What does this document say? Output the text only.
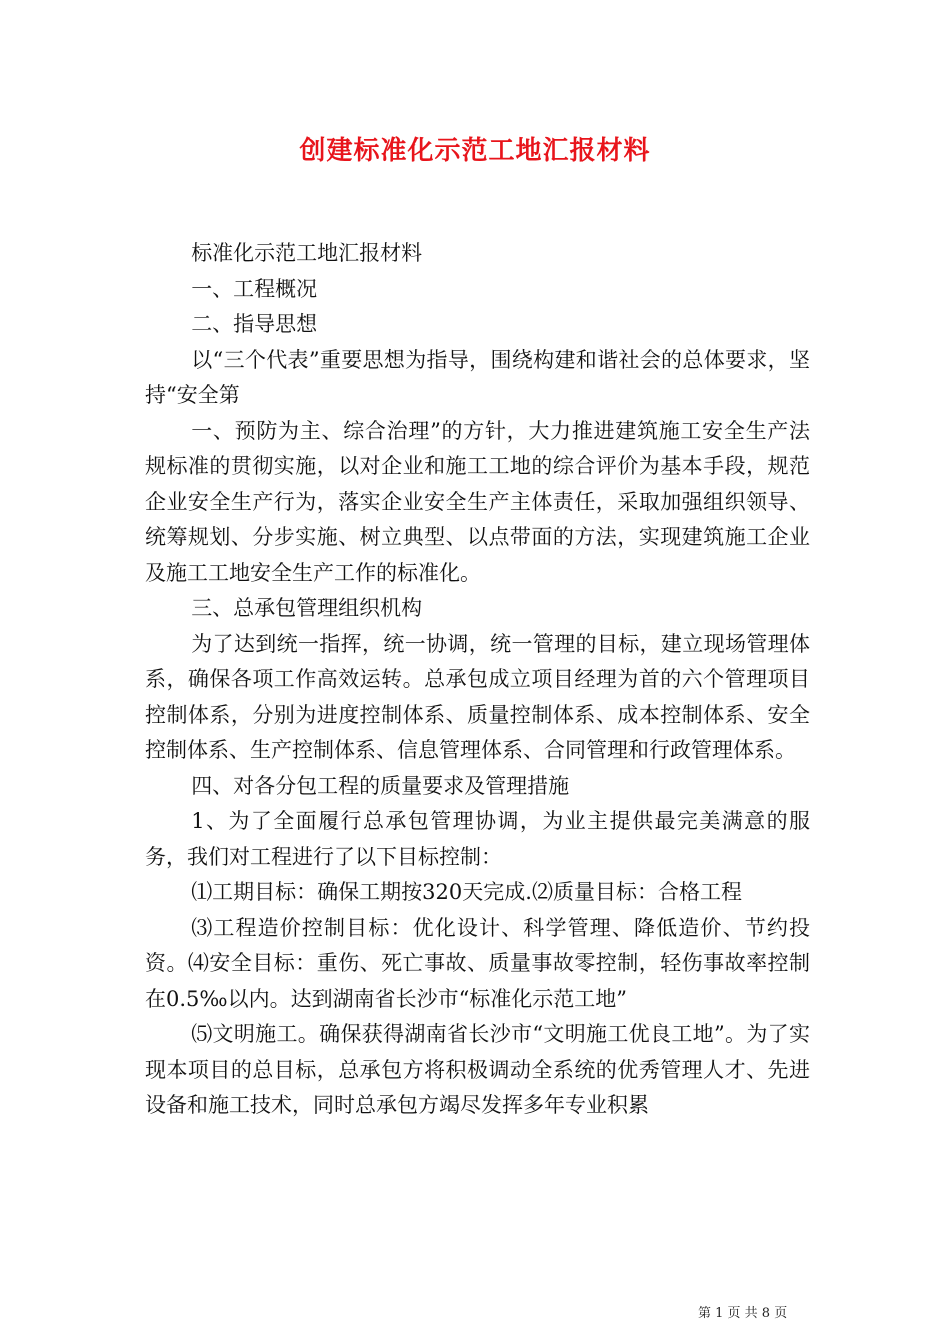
创建标准化示范工地汇报材料

标准化示范工地汇报材料

一、工程概况

二、指导思想

以“三个代表”重要思想为指导，围绕构建和谐社会的总体要求，坚持“安全第

一、预防为主、综合治理”的方针，大力推进建筑施工安全生产法规标准的贯彻实施，以对企业和施工工地的综合评价为基本手段，规范企业安全生产行为，落实企业安全生产主体责任，采取加强组织领导、统筹规划、分步实施、树立典型、以点带面的方法，实现建筑施工企业及施工工地安全生产工作的标准化。

三、总承包管理组织机构

为了达到统一指挥，统一协调，统一管理的目标，建立现场管理体系，确保各项工作高效运转。总承包成立项目经理为首的六个管理项目控制体系，分别为进度控制体系、质量控制体系、成本控制体系、安全控制体系、生产控制体系、信息管理体系、合同管理和行政管理体系。

四、对各分包工程的质量要求及管理措施

1、为了全面履行总承包管理协调，为业主提供最完美满意的服务，我们对工程进行了以下目标控制：

⑴工期目标：确保工期按320天完成.⑵质量目标：合格工程

⑶工程造价控制目标：优化设计、科学管理、降低造价、节约投资。⑷安全目标：重伤、死亡事故、质量事故零控制，轻伤事故率控制在0.5‰以内。达到湖南省长沙市“标准化示范工地”

⑸文明施工。确保获得湖南省长沙市“文明施工优良工地”。为了实现本项目的总目标，总承包方将积极调动全系统的优秀管理人才、先进设备和施工技术，同时总承包方竭尽发挥多年专业积累

第 1 页 共 8 页
